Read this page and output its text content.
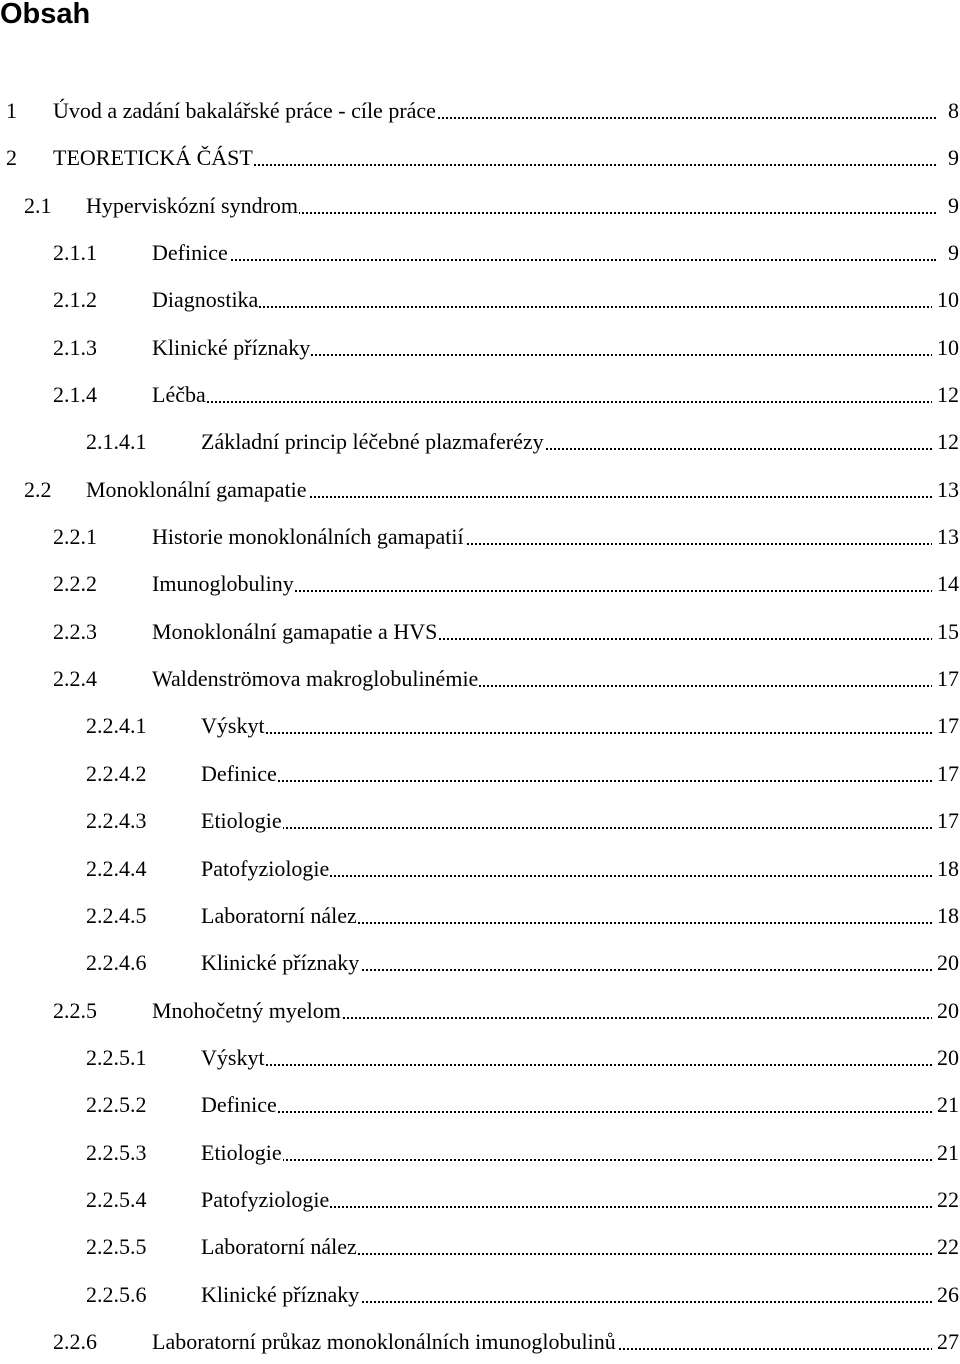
Obsah
1 Úvod a zadání bakalářské práce - cíle práce	8
2 TEORETICKÁ ČÁST	9
2.1 Hyperviskózní syndrom	9
2.1.1	Definice	9
2.1.2	Diagnostika	10
2.1.3	Klinické příznaky	10
2.1.4	Léčba	12
2.1.4.1 Základní princip léčebné plazmaferézy	12
2.2 Monoklonální gamapatie	13
2.2.1	Historie monoklonálních gamapatií	13
2.2.2	Imunoglobuliny	14
2.2.3	Monoklonální gamapatie a HVS	15
2.2.4	Waldenströmova makroglobulinémie	17
2.2.4.1 Výskyt	17
2.2.4.2 Definice	17
2.2.4.3 Etiologie	17
2.2.4.4 Patofyziologie	18
2.2.4.5 Laboratorní nález	18
2.2.4.6 Klinické příznaky	20
2.2.5	Mnohočetný myelom	20
2.2.5.1 Výskyt	20
2.2.5.2 Definice	21
2.2.5.3 Etiologie	21
2.2.5.4 Patofyziologie	22
2.2.5.5 Laboratorní nález	22
2.2.5.6 Klinické příznaky	26
2.2.6	Laboratorní průkaz monoklonálních imunoglobulinů	27
